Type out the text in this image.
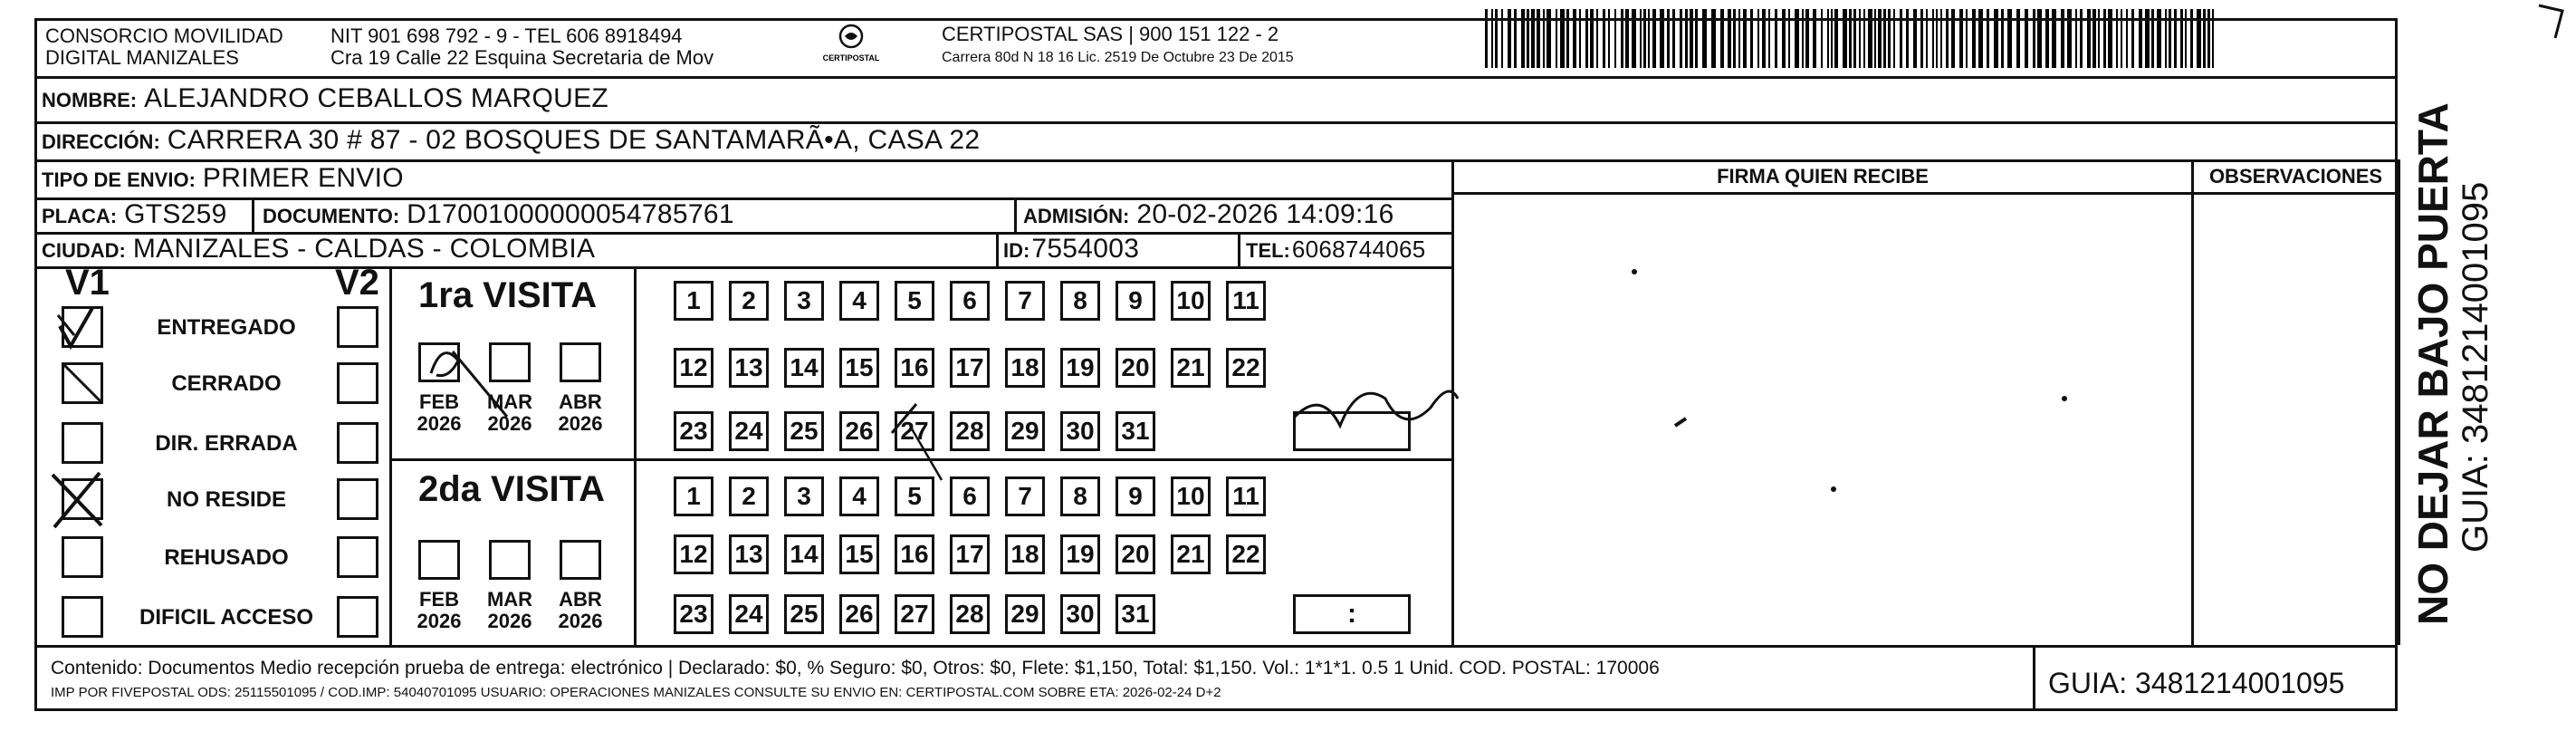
CONSORCIO MOVILIDAD
DIGITAL MANIZALES
NIT 901 698 792 - 9 - TEL 606 8918494
Cra 19 Calle 22 Esquina Secretaria de Mov	CERTIPOSTAL
CERTIPOSTAL SAS | 900 151 122 - 2
Carrera 80d N 18 16 Lic. 2519 De Octubre 23 De 2015
NOMBRE: ALEJANDRO CEBALLOS MARQUEZ
DIRECCIÓN: CARRERA 30 # 87 - 02 BOSQUES DE SANTAMARÃ•A, CASA 22
TIPO DE ENVIO: PRIMER ENVIO
PLACA: GTS259 DOCUMENTO: D17001000000054785761	ADMISIÓN: 20-02-2026 14:09:16
CIUDAD: MANIZALES - CALDAS - COLOMBIA	ID: 7554003	TEL: 6068744065
FIRMA QUIEN RECIBE	OBSERVACIONES
V1	V2
ENTREGADO
CERRADO
DIR. ERRADA
NO RESIDE
REHUSADO
DIFICIL ACCESO
1ra VISITA
FEB
2026
MAR
2026
ABR
2026
1	2	3	4	5	6	7	8	9	10 11
12 13 14 15 16 17 18 19 20 21 22
23 24 25 26 27 28 29 30 31
2da VISITA
FEB
2026
MAR
2026
ABR
2026
1	2	3	4	5	6	7	8	9	10 11
12 13 14 15 16 17 18 19 20 21 22
23 24 25 26 27 28 29 30 31	:
Contenido: Documentos Medio recepción prueba de entrega: electrónico | Declarado: $0, % Seguro: $0, Otros: $0, Flete: $1,150, Total: $1,150. Vol.: 1*1*1. 0.5 1 Unid. COD. POSTAL: 170006
IMP POR FIVEPOSTAL ODS: 25115501095 / COD.IMP: 54040701095 USUARIO: OPERACIONES MANIZALES CONSULTE SU ENVIO EN: CERTIPOSTAL.COM SOBRE ETA: 2026-02-24 D+2	GUIA: 3481214001095
NO DEJAR BAJO PUERTA GUIA: 3481214001095
